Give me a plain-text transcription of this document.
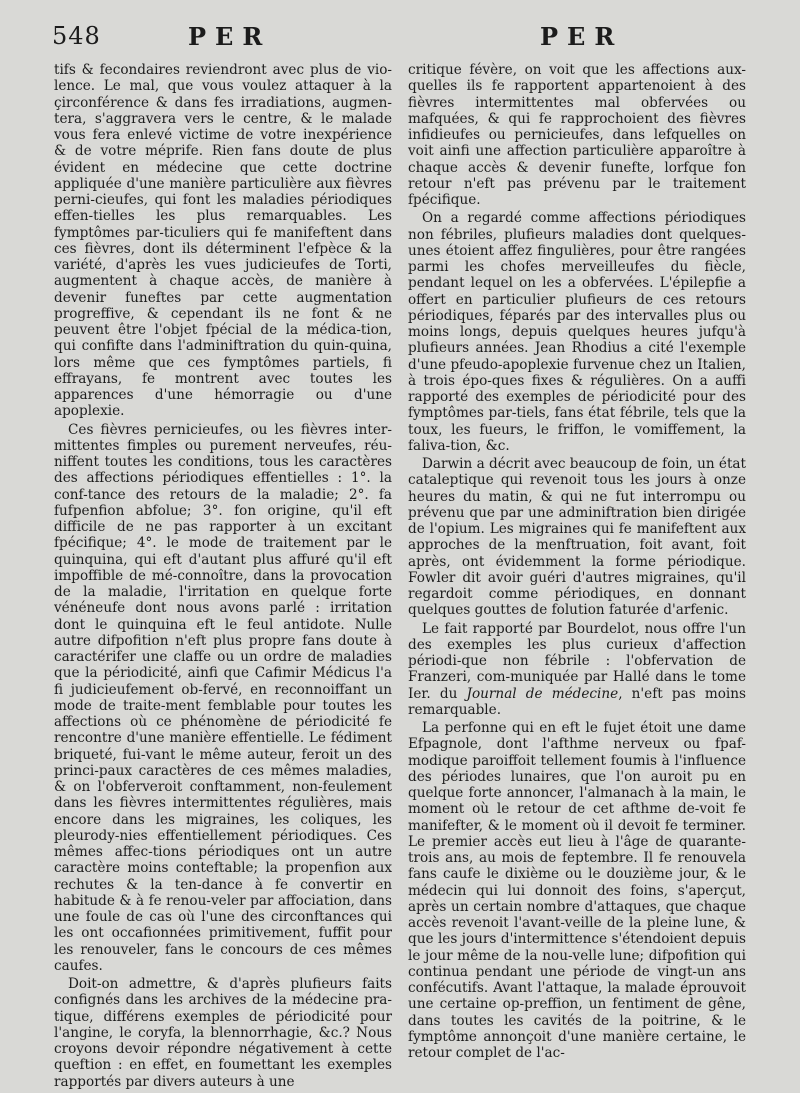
548	PER	PER

tifs & fecondaires reviendront avec plus de vio-lence. Le mal, que vous voulez attaquer à la çirconférence & dans fes irradiations, augmen-tera, s'aggravera vers le centre, & le malade vous fera enlevé victime de votre inexpérience & de votre méprife. Rien fans doute de plus évident en médecine que cette doctrine appliquée d'une manière particulière aux fièvres perni-cieufes, qui font les maladies périodiques effen-tielles les plus remarquables. Les fymptômes par-ticuliers qui fe manifeftent dans ces fièvres, dont ils déterminent l'efpèce & la variété, d'après les vues judicieufes de Torti, augmentent à chaque accès, de manière à devenir funeftes par cette augmentation progreffive, & cependant ils ne font & ne peuvent être l'objet fpécial de la médica-tion, qui confifte dans l'adminiftration du quin-quina, lors même que ces fymptômes partiels, fi effrayans, fe montrent avec toutes les apparences d'une hémorragie ou d'une apoplexie.

Ces fièvres pernicieufes, ou les fièvres inter-mittentes fimples ou purement nerveufes, réu-niffent toutes les conditions, tous les caractères des affections périodiques effentielles : 1°. la conf-tance des retours de la maladie; 2°. fa fufpenfion abfolue; 3°. fon origine, qu'il eft difficile de ne pas rapporter à un excitant fpécifique; 4°. le mode de traitement par le quinquina, qui eft d'autant plus affuré qu'il eft impoffible de mé-connoître, dans la provocation de la maladie, l'irritation en quelque forte vénéneufe dont nous avons parlé : irritation dont le quinquina eft le feul antidote. Nulle autre difpofition n'eft plus propre fans doute à caractérifer une claffe ou un ordre de maladies que la périodicité, ainfi que Cafimir Médicus l'a fi judicieufement ob-fervé, en reconnoiffant un mode de traite-ment femblable pour toutes les affections où ce phénomène de périodicité fe rencontre d'une manière effentielle. Le fédiment briqueté, fui-vant le même auteur, feroit un des princi-paux caractères de ces mêmes maladies, & on l'obferveroit conftamment, non-feulement dans les fièvres intermittentes régulières, mais encore dans les migraines, les coliques, les pleurody-nies effentiellement périodiques. Ces mêmes affec-tions périodiques ont un autre caractère moins conteftable; la propenfion aux rechutes & la ten-dance à fe convertir en habitude & à fe renou-veler par affociation, dans une foule de cas où l'une des circonftances qui les ont occafionnées primitivement, fuffit pour les renouveler, fans le concours de ces mêmes caufes.

Doit-on admettre, & d'après plufieurs faits confignés dans les archives de la médecine pra-tique, différens exemples de périodicité pour l'angine, le coryfa, la blennorrhagie, &c.? Nous croyons devoir répondre négativement à cette queftion : en effet, en foumettant les exemples rapportés par divers auteurs à une

critique févère, on voit que les affections aux-quelles ils fe rapportent appartenoient à des fièvres intermittentes mal obfervées ou mafquées, & qui fe rapprochoient des fièvres infidieufes ou pernicieufes, dans lefquelles on voit ainfi une affection particulière apparoître à chaque accès & devenir funefte, lorfque fon retour n'eft pas prévenu par le traitement fpécifique.

On a regardé comme affections périodiques non fébriles, plufieurs maladies dont quelques-unes étoient affez fingulières, pour être rangées parmi les chofes merveilleufes du fiècle, pendant lequel on les a obfervées. L'épilepfie a offert en particulier plufieurs de ces retours périodiques, féparés par des intervalles plus ou moins longs, depuis quelques heures jufqu'à plufieurs années. Jean Rhodius a cité l'exemple d'une pfeudo-apoplexie furvenue chez un Italien, à trois épo-ques fixes & régulières. On a auffi rapporté des exemples de périodicité pour des fymptômes par-tiels, fans état fébrile, tels que la toux, les fueurs, le friffon, le vomiffement, la faliva-tion, &c.

Darwin a décrit avec beaucoup de foin, un état cataleptique qui revenoit tous les jours à onze heures du matin, & qui ne fut interrompu ou prévenu que par une adminiftration bien dirigée de l'opium. Les migraines qui fe manifeftent aux approches de la menftruation, foit avant, foit après, ont évidemment la forme périodique. Fowler dit avoir guéri d'autres migraines, qu'il regardoit comme périodiques, en donnant quelques gouttes de folution faturée d'arfenic.

Le fait rapporté par Bourdelot, nous offre l'un des exemples les plus curieux d'affection périodi-que non fébrile : l'obfervation de Franzeri, com-muniquée par Hallé dans le tome Ier. du Journal de médecine, n'eft pas moins remarquable.

La perfonne qui en eft le fujet étoit une dame Efpagnole, dont l'afthme nerveux ou fpaf-modique paroiffoit tellement foumis à l'influence des périodes lunaires, que l'on auroit pu en quelque forte annoncer, l'almanach à la main, le moment où le retour de cet afthme de-voit fe manifefter, & le moment où il devoit fe terminer. Le premier accès eut lieu à l'âge de quarante-trois ans, au mois de feptembre. Il fe renouvela fans caufe le dixième ou le douzième jour, & le médecin qui lui donnoit des foins, s'aperçut, après un certain nombre d'attaques, que chaque accès revenoit l'avant-veille de la pleine lune, & que les jours d'intermittence s'étendoient depuis le jour même de la nou-velle lune; difpofition qui continua pendant une période de vingt-un ans confécutifs. Avant l'attaque, la malade éprouvoit une certaine op-preffion, un fentiment de gêne, dans toutes les cavités de la poitrine, & le fymptôme annonçoit d'une manière certaine, le retour complet de l'ac-
